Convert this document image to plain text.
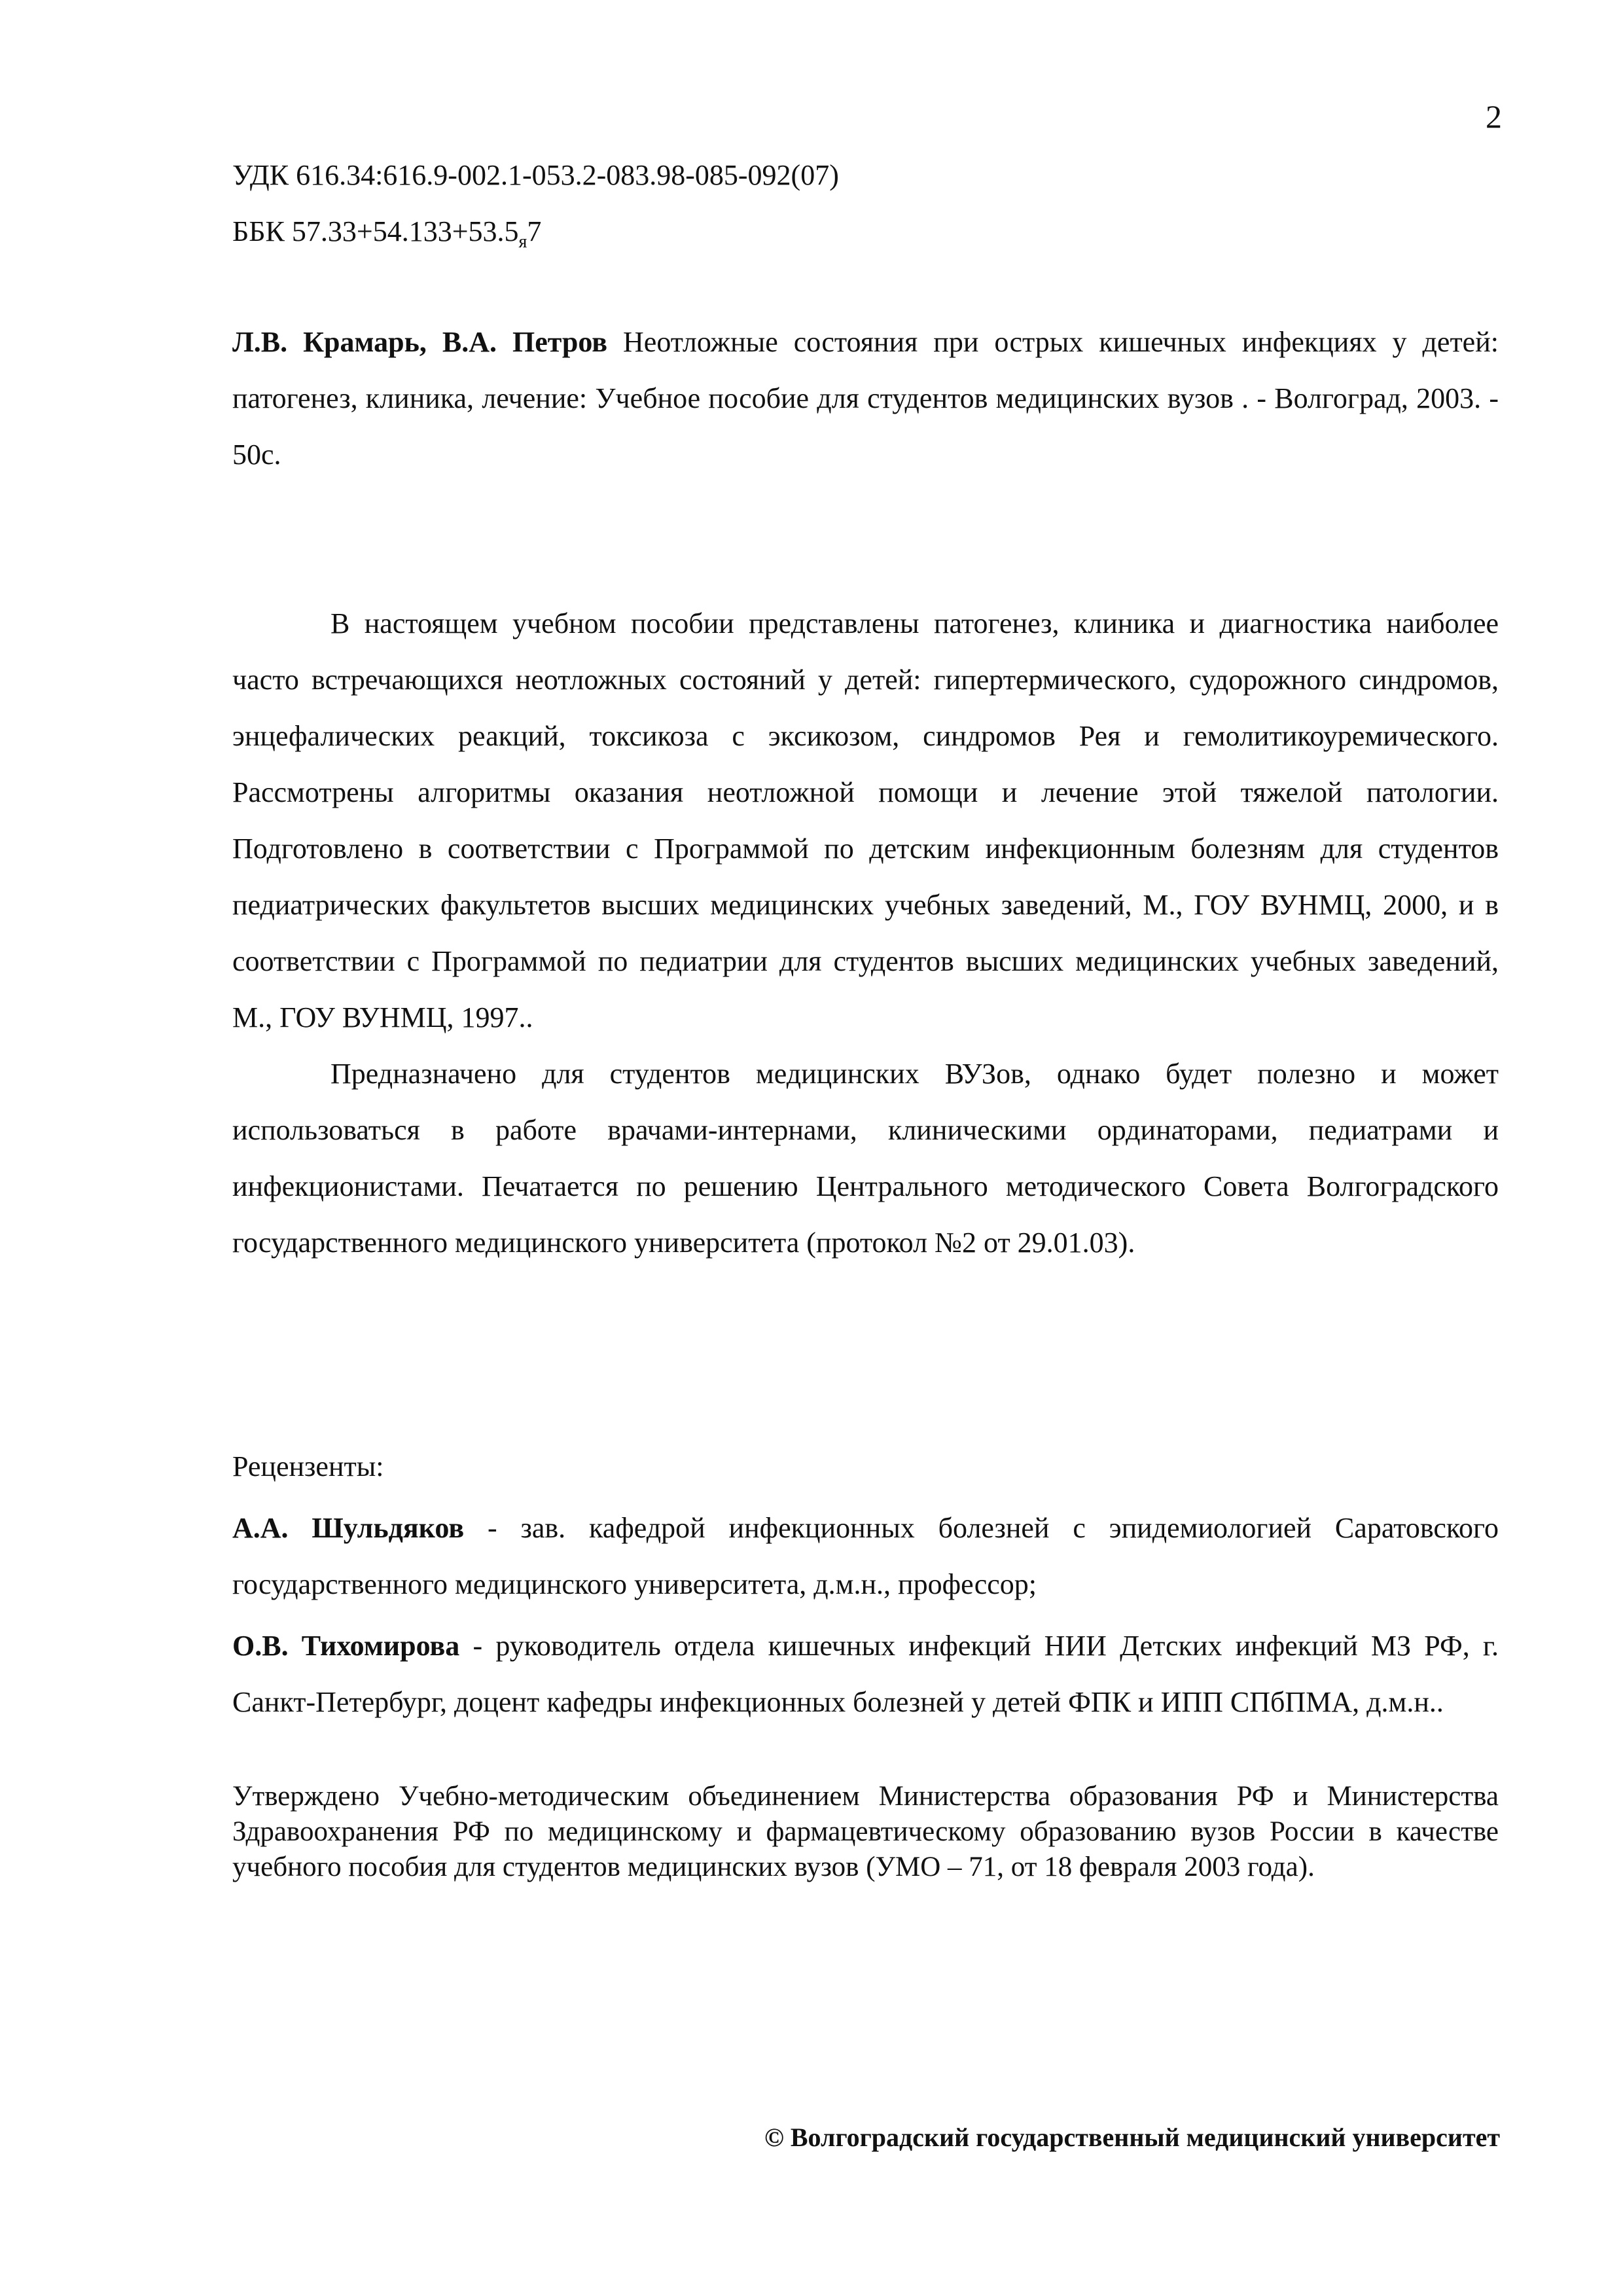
2
УДК 616.34:616.9-002.1-053.2-083.98-085-092(07)
ББК $57.33+54.133+53.5_я7$

Л.В. Крамарь, В.А. Петров Неотложные состояния при острых кишечных инфекциях у детей: патогенез, клиника, лечение: Учебное пособие для студентов медицинских вузов . - Волгоград, 2003. - 50с.

В настоящем учебном пособии представлены патогенез, клиника и диагностика наиболее часто встречающихся неотложных состояний у детей: гипертермического, судорожного синдромов, энцефалических реакций, токсикоза с эксикозом, синдромов Рея и гемолитикоуремического. Рассмотрены алгоритмы оказания неотложной помощи и лечение этой тяжелой патологии. Подготовлено в соответствии с Программой по детским инфекционным болезням для студентов педиатрических факультетов высших медицинских учебных заведений, М., ГОУ ВУНМЦ, 2000, и в соответствии с Программой по педиатрии для студентов высших медицинских учебных заведений, М., ГОУ ВУНМЦ, 1997..

Предназначено для студентов медицинских ВУЗов, однако будет полезно и может использоваться в работе врачами-интернами, клиническими ординаторами, педиатрами и инфекционистами. Печатается по решению Центрального методического Совета Волгоградского государственного медицинского университета (протокол №2 от 29.01.03).

Рецензенты:

А.А. Шульдяков - зав. кафедрой инфекционных болезней с эпидемиологией Саратовского государственного медицинского университета, д.м.н., профессор;

О.В. Тихомирова - руководитель отдела кишечных инфекций НИИ Детских инфекций МЗ РФ, г. Санкт-Петербург, доцент кафедры инфекционных болезней у детей ФПК и ИПП СПбПМА, д.м.н..

Утверждено Учебно-методическим объединением Министерства образования РФ и Министерства Здравоохранения РФ по медицинскому и фармацевтическому образованию вузов России в качестве учебного пособия для студентов медицинских вузов (УМО – 71, от 18 февраля 2003 года).

© Волгоградский государственный медицинский университет
